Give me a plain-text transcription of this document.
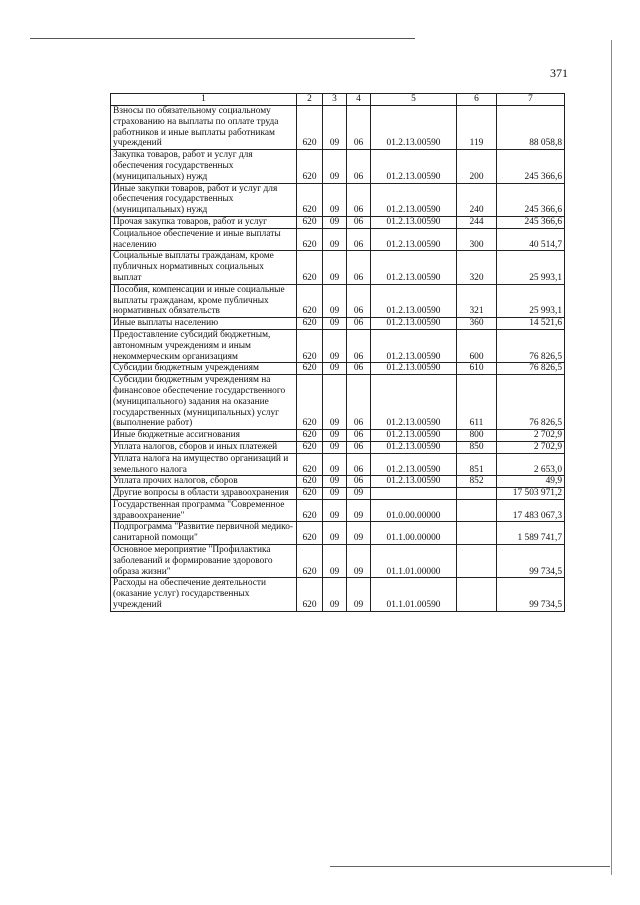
371
1	2	3	4	5	6	7
Взносы по обязательному социальному страхованию на выплаты по оплате труда работников и иные выплаты работникам учреждений	620	09	06	01.2.13.00590	119	88 058,8
Закупка товаров, работ и услуг для обеспечения государственных (муниципальных) нужд	620	09	06	01.2.13.00590	200	245 366,6
Иные закупки товаров, работ и услуг для обеспечения государственных (муниципальных) нужд	620	09	06	01.2.13.00590	240	245 366,6
Прочая закупка товаров, работ и услуг	620	09	06	01.2.13.00590	244	245 366,6
Социальное обеспечение и иные выплаты населению	620	09	06	01.2.13.00590	300	40 514,7
Социальные выплаты гражданам, кроме публичных нормативных социальных выплат	620	09	06	01.2.13.00590	320	25 993,1
Пособия, компенсации и иные социальные выплаты гражданам, кроме публичных нормативных обязательств	620	09	06	01.2.13.00590	321	25 993,1
Иные выплаты населению	620	09	06	01.2.13.00590	360	14 521,6
Предоставление субсидий бюджетным, автономным учреждениям и иным некоммерческим организациям	620	09	06	01.2.13.00590	600	76 826,5
Субсидии бюджетным учреждениям	620	09	06	01.2.13.00590	610	76 826,5
Субсидии бюджетным учреждениям на финансовое обеспечение государственного (муниципального) задания на оказание государственных (муниципальных) услуг (выполнение работ)	620	09	06	01.2.13.00590	611	76 826,5
Иные бюджетные ассигнования	620	09	06	01.2.13.00590	800	2 702,9
Уплата налогов, сборов и иных платежей	620	09	06	01.2.13.00590	850	2 702,9
Уплата налога на имущество организаций и земельного налога	620	09	06	01.2.13.00590	851	2 653,0
Уплата прочих налогов, сборов	620	09	06	01.2.13.00590	852	49,9
Другие вопросы в области здравоохранения	620	09	09			17 503 971,2
Государственная программа "Современное здравоохранение"	620	09	09	01.0.00.00000		17 483 067,3
Подпрограмма "Развитие первичной медико-санитарной помощи"	620	09	09	01.1.00.00000		1 589 741,7
Основное мероприятие "Профилактика заболеваний и формирование здорового образа жизни"	620	09	09	01.1.01.00000		99 734,5
Расходы на обеспечение деятельности (оказание услуг) государственных учреждений	620	09	09	01.1.01.00590		99 734,5
